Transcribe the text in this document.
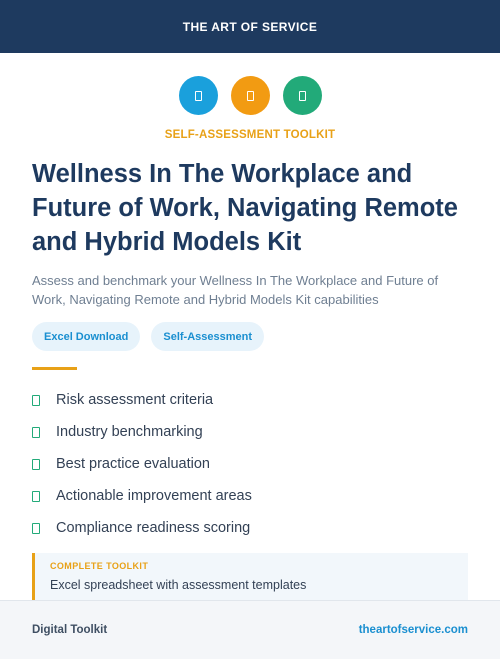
THE ART OF SERVICE
SELF-ASSESSMENT TOOLKIT
Wellness In The Workplace and Future of Work, Navigating Remote and Hybrid Models Kit

Assess and benchmark your Wellness In The Workplace and Future of Work, Navigating Remote and Hybrid Models Kit capabilities

Excel Download	Self-Assessment
Risk assessment criteria
Industry benchmarking
Best practice evaluation
Actionable improvement areas
Compliance readiness scoring
COMPLETE TOOLKIT
Excel spreadsheet with assessment templates
Digital Toolkit	theartofservice.com
